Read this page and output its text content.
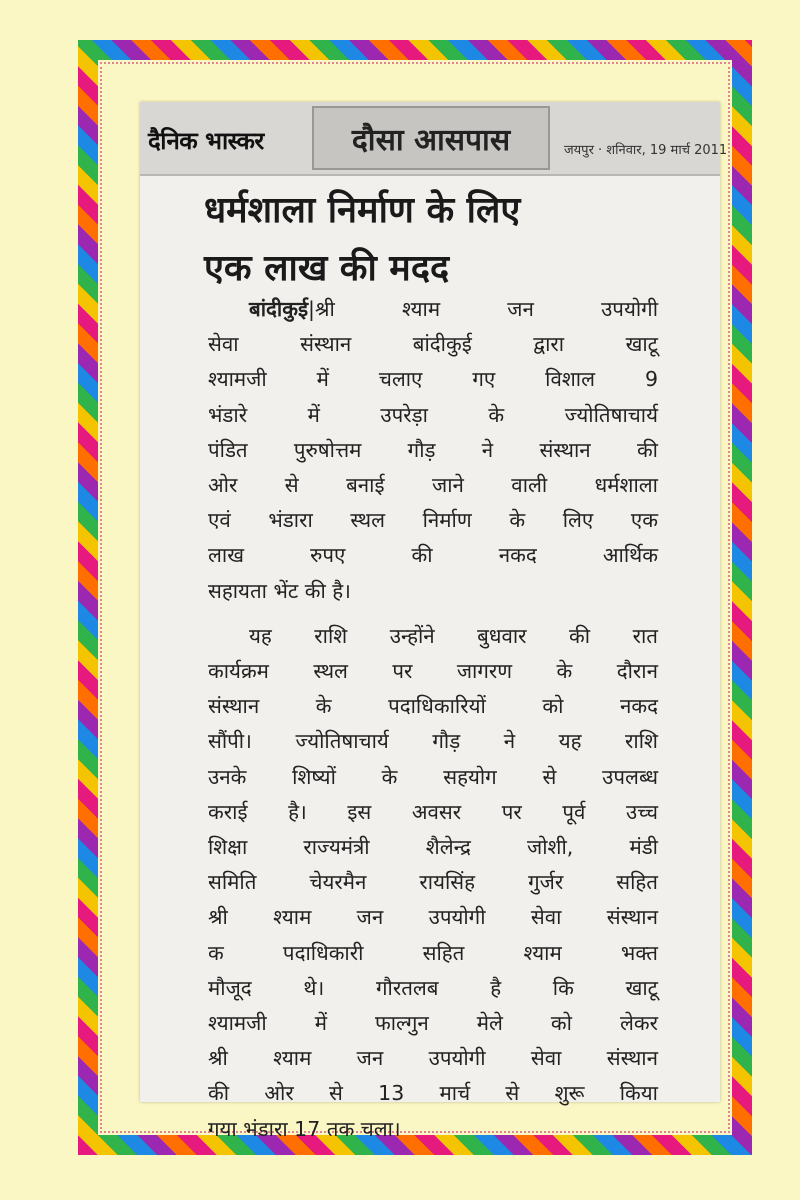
दैनिक भास्कर	दौसा आसपास	जयपुर · शनिवार, 19 मार्च 2011
धर्मशाला निर्माण के लिए
एक लाख की मदद
  बांदीकुई|श्री श्याम जन उपयोगी
सेवा संस्थान बांदीकुई द्वारा खाटू
श्यामजी में चलाए गए विशाल 9
भंडारे में उपरेड़ा के ज्योतिषाचार्य
पंडित पुरुषोत्तम गौड़ ने संस्थान की
ओर से बनाई जाने वाली धर्मशाला
एवं भंडारा स्थल निर्माण के लिए एक
लाख रुपए की नकद आर्थिक
सहायता भेंट की है।
  यह राशि उन्होंने बुधवार की रात
कार्यक्रम स्थल पर जागरण के दौरान
संस्थान के पदाधिकारियों को नकद
सौंपी। ज्योतिषाचार्य गौड़ ने यह राशि
उनके शिष्यों के सहयोग से उपलब्ध
कराई है। इस अवसर पर पूर्व उच्च
शिक्षा राज्यमंत्री शैलेन्द्र जोशी, मंडी
समिति चेयरमैन रायसिंह गुर्जर सहित
श्री श्याम जन उपयोगी सेवा संस्थान
क पदाधिकारी सहित श्याम भक्त
मौजूद थे। गौरतलब है कि खाटू
श्यामजी में फाल्गुन मेले को लेकर
श्री श्याम जन उपयोगी सेवा संस्थान
की ओर से 13 मार्च से शुरू किया
गया भंडारा 17 तक चला।
